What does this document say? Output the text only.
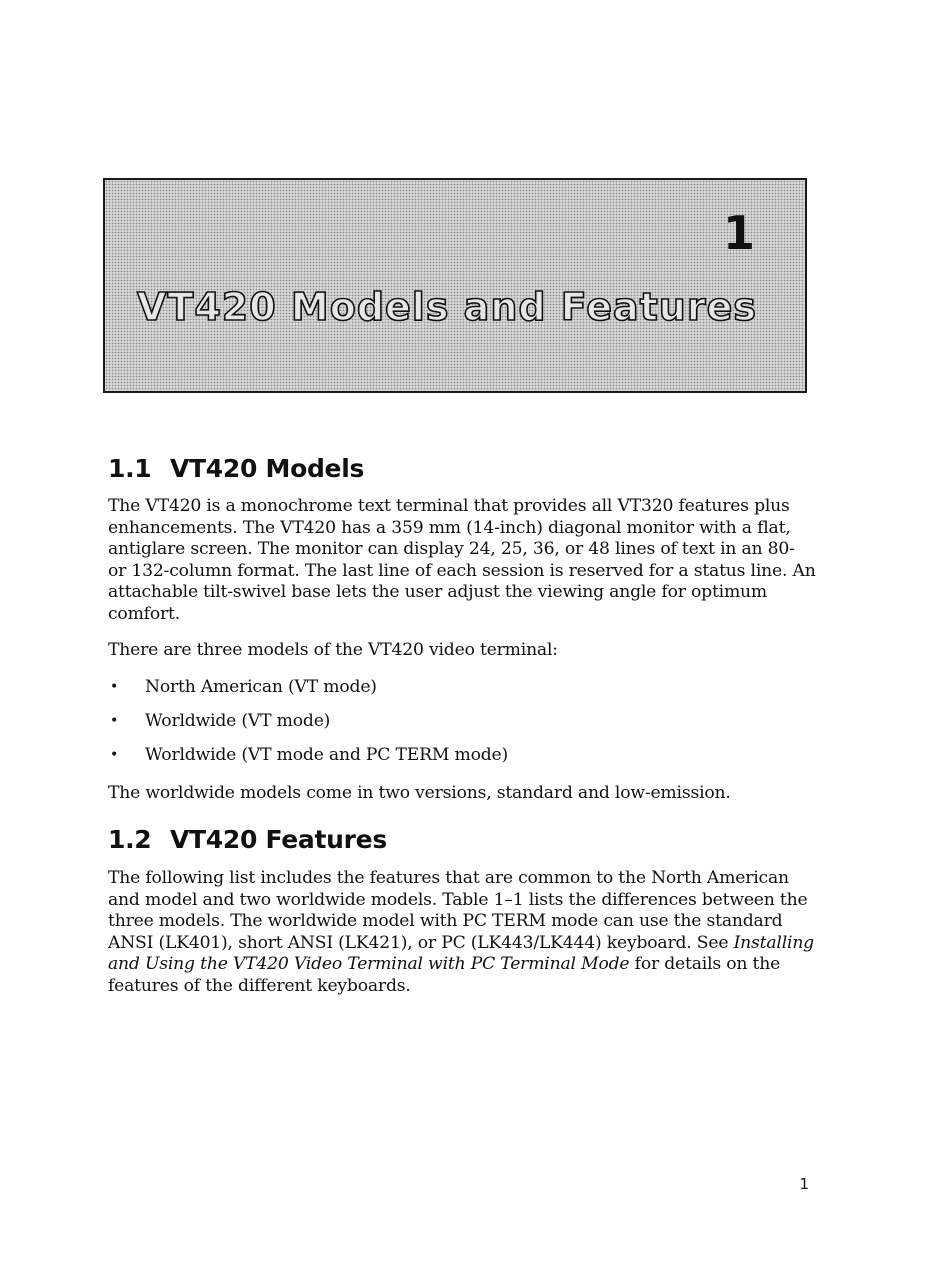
1
VT420 Models and Features
1.1 VT420 Models

The VT420 is a monochrome text terminal that provides all VT320 features plus enhancements. The VT420 has a 359 mm (14-inch) diagonal monitor with a flat, antiglare screen. The monitor can display 24, 25, 36, or 48 lines of text in an 80- or 132-column format. The last line of each session is reserved for a status line. An attachable tilt-swivel base lets the user adjust the viewing angle for optimum comfort.

There are three models of the VT420 video terminal:

• North American (VT mode)
• Worldwide (VT mode)
• Worldwide (VT mode and PC TERM mode)

The worldwide models come in two versions, standard and low-emission.

1.2 VT420 Features

The following list includes the features that are common to the North American and model and two worldwide models. Table 1–1 lists the differences between the three models. The worldwide model with PC TERM mode can use the standard ANSI (LK401), short ANSI (LK421), or PC (LK443/LK444) keyboard. See Installing and Using the VT420 Video Terminal with PC Terminal Mode for details on the features of the different keyboards.

1
